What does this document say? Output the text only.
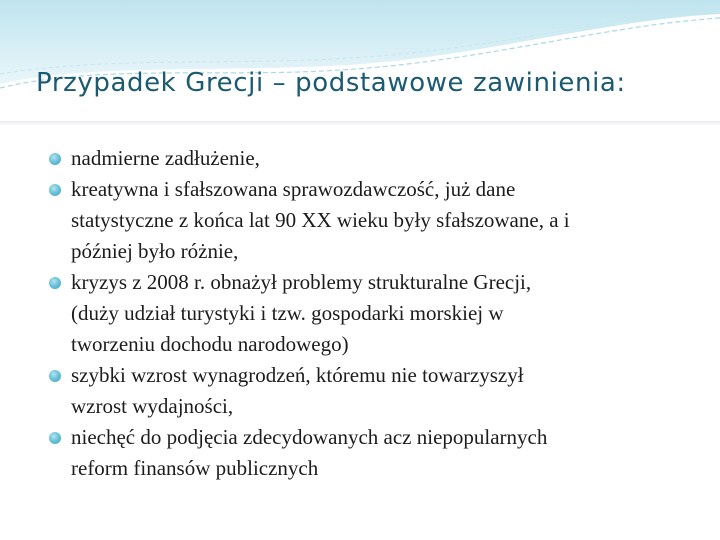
Przypadek Grecji – podstawowe zawinienia:
nadmierne zadłużenie,
kreatywna i sfałszowana sprawozdawczość, już dane
statystyczne z końca lat 90 XX wieku były sfałszowane, a i
później było różnie,
kryzys z 2008 r. obnażył problemy strukturalne Grecji,
(duży udział turystyki i tzw. gospodarki morskiej w
tworzeniu dochodu narodowego)
szybki wzrost wynagrodzeń, któremu nie towarzyszył
wzrost wydajności,
niechęć do podjęcia zdecydowanych acz niepopularnych
reform finansów publicznych
